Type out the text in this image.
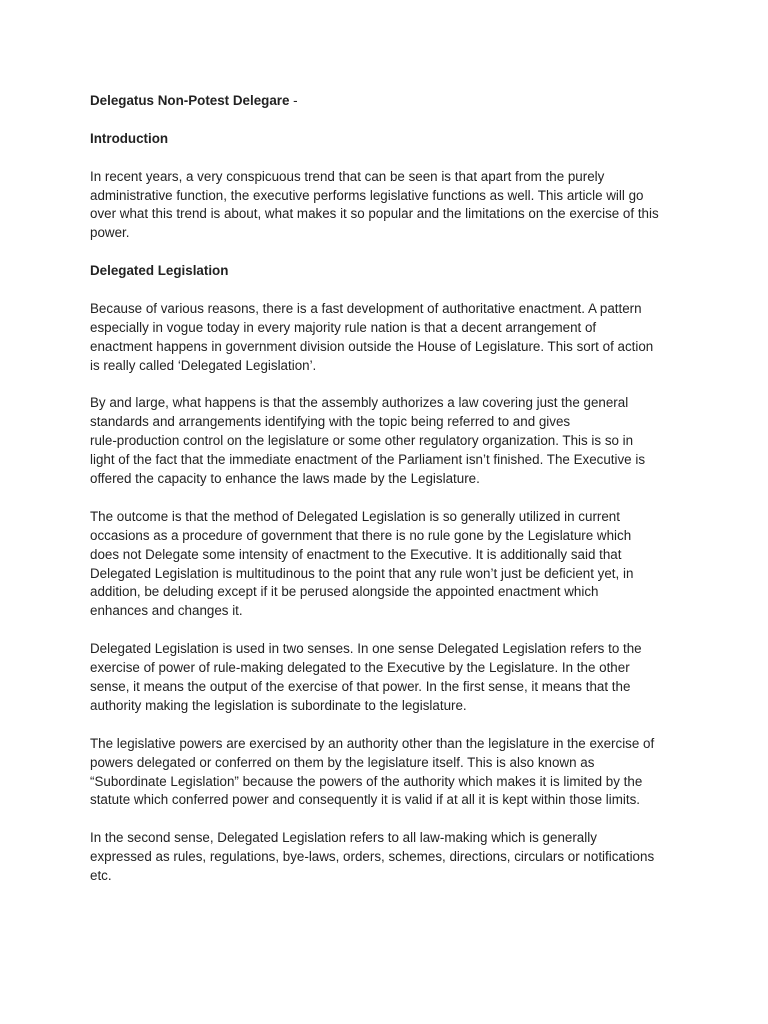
Delegatus Non-Potest Delegare -
Introduction

In recent years, a very conspicuous trend that can be seen is that apart from the purely
administrative function, the executive performs legislative functions as well. This article will go
over what this trend is about, what makes it so popular and the limitations on the exercise of this
power.

Delegated Legislation

Because of various reasons, there is a fast development of authoritative enactment. A pattern
especially in vogue today in every majority rule nation is that a decent arrangement of
enactment happens in government division outside the House of Legislature. This sort of action
is really called ‘Delegated Legislation’.

By and large, what happens is that the assembly authorizes a law covering just the general
standards and arrangements identifying with the topic being referred to and gives
rule-production control on the legislature or some other regulatory organization. This is so in
light of the fact that the immediate enactment of the Parliament isn’t finished. The Executive is
offered the capacity to enhance the laws made by the Legislature.

The outcome is that the method of Delegated Legislation is so generally utilized in current
occasions as a procedure of government that there is no rule gone by the Legislature which
does not Delegate some intensity of enactment to the Executive. It is additionally said that
Delegated Legislation is multitudinous to the point that any rule won’t just be deficient yet, in
addition, be deluding except if it be perused alongside the appointed enactment which
enhances and changes it.

Delegated Legislation is used in two senses. In one sense Delegated Legislation refers to the
exercise of power of rule-making delegated to the Executive by the Legislature. In the other
sense, it means the output of the exercise of that power. In the first sense, it means that the
authority making the legislation is subordinate to the legislature.

The legislative powers are exercised by an authority other than the legislature in the exercise of
powers delegated or conferred on them by the legislature itself. This is also known as
“Subordinate Legislation” because the powers of the authority which makes it is limited by the
statute which conferred power and consequently it is valid if at all it is kept within those limits.

In the second sense, Delegated Legislation refers to all law-making which is generally
expressed as rules, regulations, bye-laws, orders, schemes, directions, circulars or notifications
etc.
